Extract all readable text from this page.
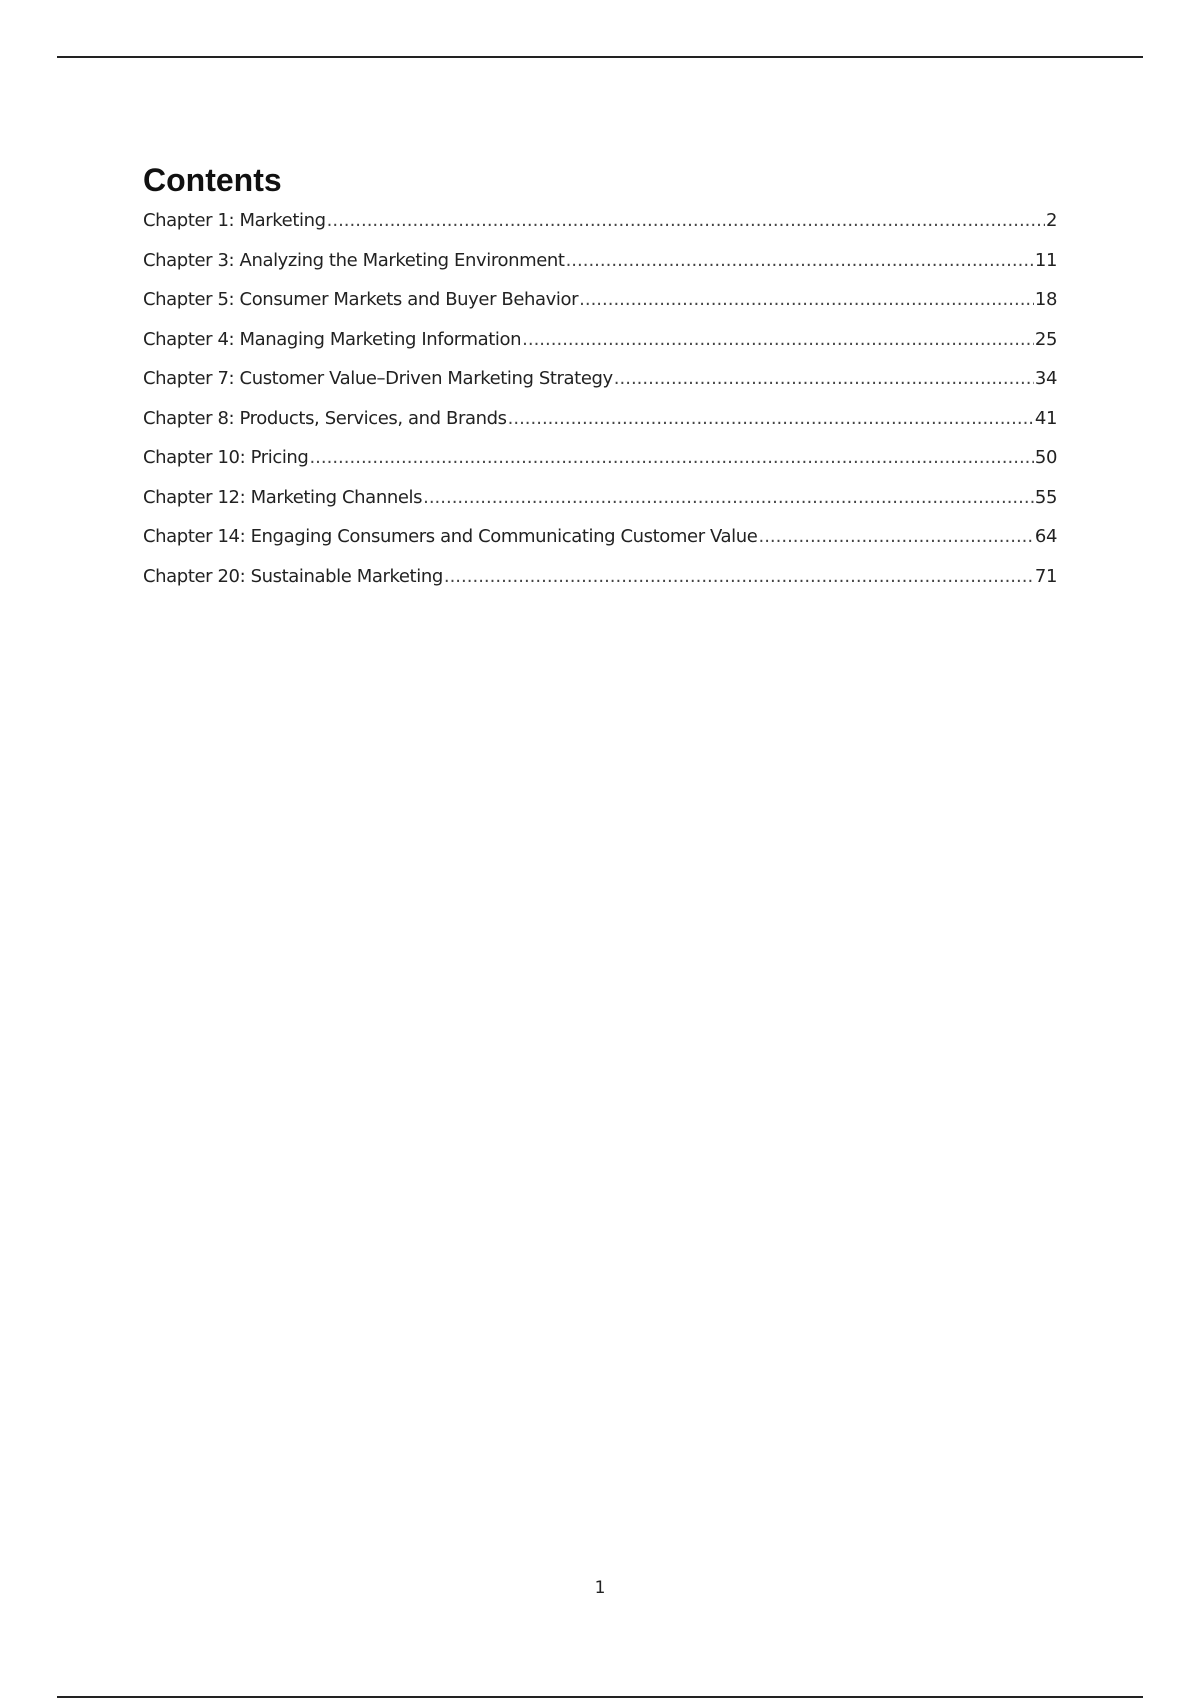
Contents
Chapter 1: Marketing .....	2
Chapter 3: Analyzing the Marketing Environment .....	11
Chapter 5: Consumer Markets and Buyer Behavior .....	18
Chapter 4: Managing Marketing Information .....	25
Chapter 7: Customer Value–Driven Marketing Strategy .....	34
Chapter 8: Products, Services, and Brands .....	41
Chapter 10: Pricing .....	50
Chapter 12: Marketing Channels .....	55
Chapter 14: Engaging Consumers and Communicating Customer Value .....	64
Chapter 20: Sustainable Marketing .....	71
1
